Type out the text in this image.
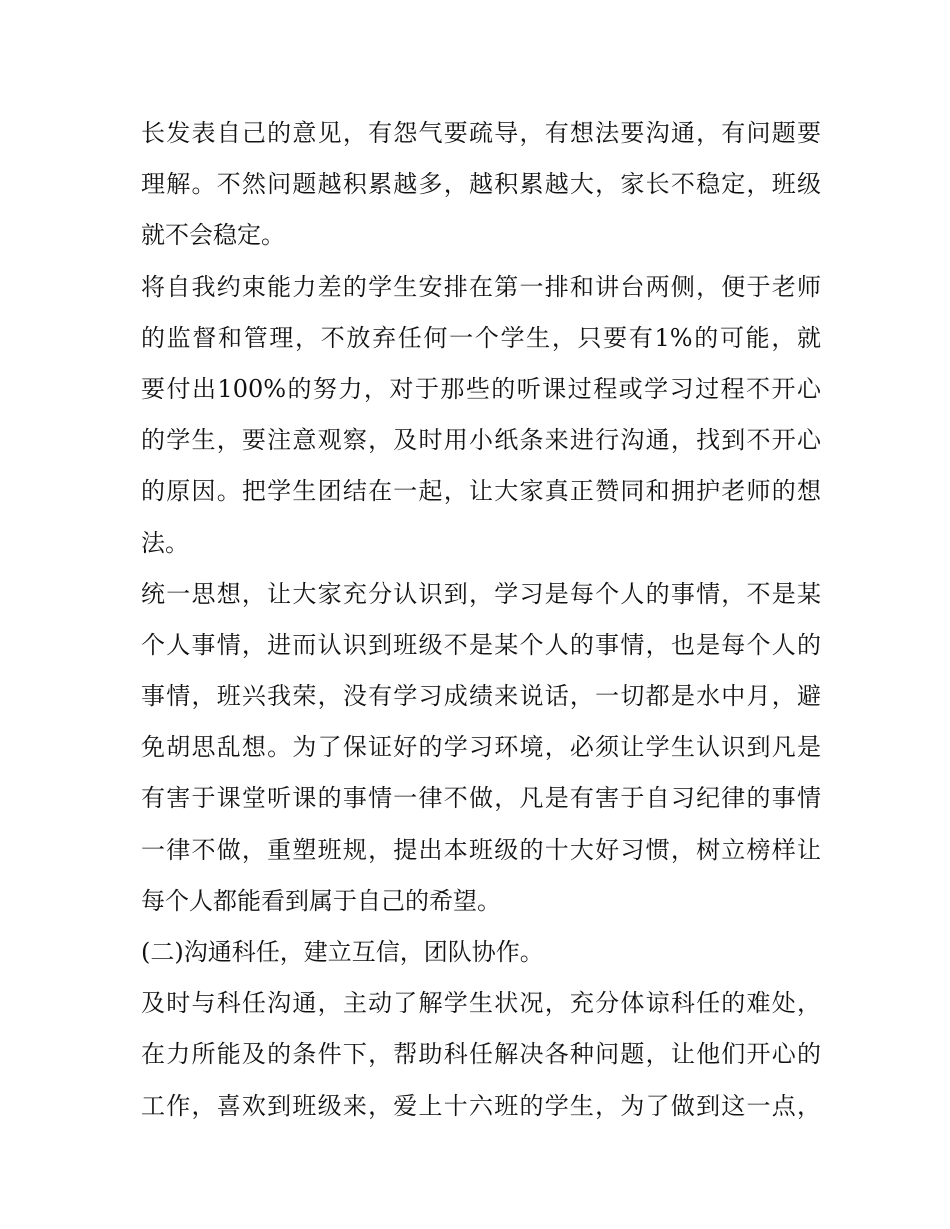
长发表自己的意见，有怨气要疏导，有想法要沟通，有问题要
理解。不然问题越积累越多，越积累越大，家长不稳定，班级
就不会稳定。
将自我约束能力差的学生安排在第一排和讲台两侧，便于老师
的监督和管理，不放弃任何一个学生，只要有1%的可能，就
要付出100%的努力，对于那些的听课过程或学习过程不开心
的学生，要注意观察，及时用小纸条来进行沟通，找到不开心
的原因。把学生团结在一起，让大家真正赞同和拥护老师的想
法。
统一思想，让大家充分认识到，学习是每个人的事情，不是某
个人事情，进而认识到班级不是某个人的事情，也是每个人的
事情，班兴我荣，没有学习成绩来说话，一切都是水中月，避
免胡思乱想。为了保证好的学习环境，必须让学生认识到凡是
有害于课堂听课的事情一律不做，凡是有害于自习纪律的事情
一律不做，重塑班规，提出本班级的十大好习惯，树立榜样让
每个人都能看到属于自己的希望。
(二)沟通科任，建立互信，团队协作。
及时与科任沟通，主动了解学生状况，充分体谅科任的难处，
在力所能及的条件下，帮助科任解决各种问题，让他们开心的
工作，喜欢到班级来，爱上十六班的学生，为了做到这一点，
